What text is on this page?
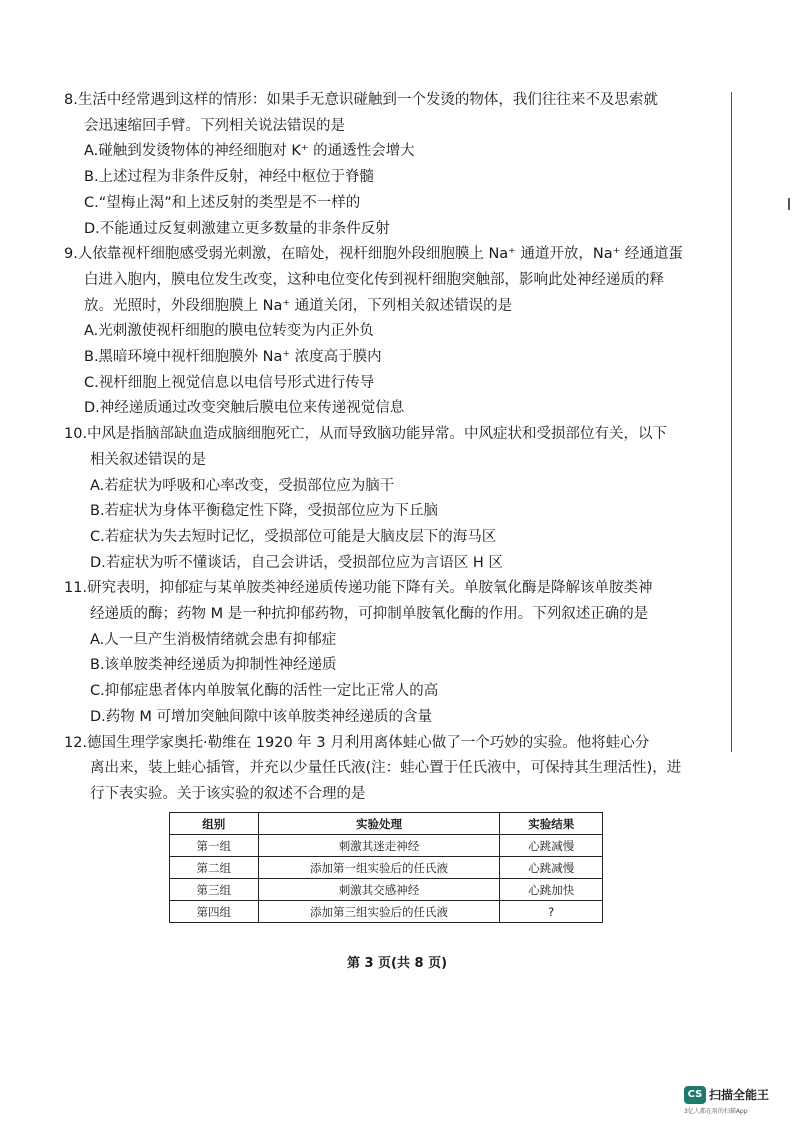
8.生活中经常遇到这样的情形：如果手无意识碰触到一个发烫的物体，我们往往来不及思索就
会迅速缩回手臂。下列相关说法错误的是
A.碰触到发烫物体的神经细胞对 K⁺ 的通透性会增大
B.上述过程为非条件反射，神经中枢位于脊髓
C.“望梅止渴”和上述反射的类型是不一样的
D.不能通过反复刺激建立更多数量的非条件反射
9.人依靠视杆细胞感受弱光刺激，在暗处，视杆细胞外段细胞膜上 Na⁺ 通道开放，Na⁺ 经通道蛋
白进入胞内，膜电位发生改变，这种电位变化传到视杆细胞突触部，影响此处神经递质的释
放。光照时，外段细胞膜上 Na⁺ 通道关闭，下列相关叙述错误的是
A.光刺激使视杆细胞的膜电位转变为内正外负
B.黑暗环境中视杆细胞膜外 Na⁺ 浓度高于膜内
C.视杆细胞上视觉信息以电信号形式进行传导
D.神经递质通过改变突触后膜电位来传递视觉信息
10.中风是指脑部缺血造成脑细胞死亡，从而导致脑功能异常。中风症状和受损部位有关，以下
相关叙述错误的是
A.若症状为呼吸和心率改变，受损部位应为脑干
B.若症状为身体平衡稳定性下降，受损部位应为下丘脑
C.若症状为失去短时记忆，受损部位可能是大脑皮层下的海马区
D.若症状为听不懂谈话，自己会讲话，受损部位应为言语区 H 区
11.研究表明，抑郁症与某单胺类神经递质传递功能下降有关。单胺氧化酶是降解该单胺类神
经递质的酶；药物 M 是一种抗抑郁药物，可抑制单胺氧化酶的作用。下列叙述正确的是
A.人一旦产生消极情绪就会患有抑郁症
B.该单胺类神经递质为抑制性神经递质
C.抑郁症患者体内单胺氧化酶的活性一定比正常人的高
D.药物 M 可增加突触间隙中该单胺类神经递质的含量
12.德国生理学家奥托·勒维在 1920 年 3 月利用离体蛙心做了一个巧妙的实验。他将蛙心分
离出来，装上蛙心插管，并充以少量任氏液(注：蛙心置于任氏液中，可保持其生理活性)，进
行下表实验。关于该实验的叙述不合理的是
组别	实验处理	实验结果
第一组	刺激其迷走神经	心跳减慢
第二组	添加第一组实验后的任氏液	心跳减慢
第三组	刺激其交感神经	心跳加快
第四组	添加第三组实验后的任氏液	?
第 3 页(共 8 页)
CS 扫描全能王
3亿人都在用的扫描App
